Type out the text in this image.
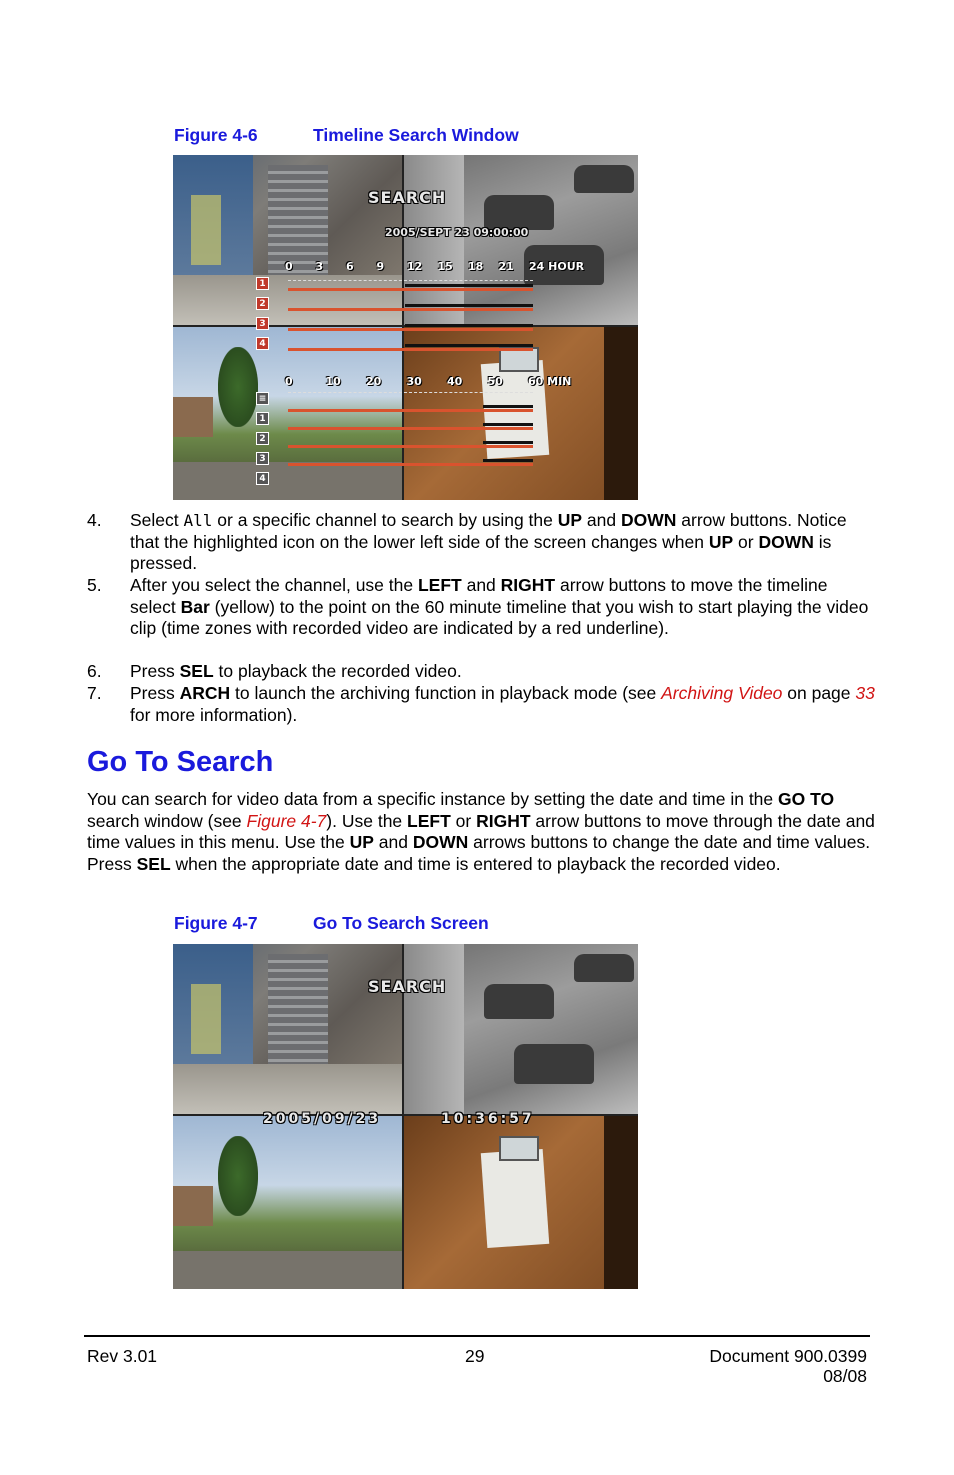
Figure 4-6	Timeline Search Window
SEARCH
2005/SEPT 23 09:00:00
0 3 6 9 12 15 18 21 24 HOUR
0	10 20 30 40 50 60 MIN
1
2
3
4
≡
1
2
3
4
4.	Select All or a specific channel to search by using the UP and DOWN arrow buttons. Notice that the highlighted icon on the lower left side of the screen changes when UP or DOWN is pressed.
5.	After you select the channel, use the LEFT and RIGHT arrow buttons to move the timeline select Bar (yellow) to the point on the 60 minute timeline that you wish to start playing the video clip (time zones with recorded video are indicated by a red underline).
6.	Press SEL to playback the recorded video.
7.	Press ARCH to launch the archiving function in playback mode (see Archiving Video on page 33 for more information).
Go To Search
You can search for video data from a specific instance by setting the date and time in the GO TO search window (see Figure 4-7). Use the LEFT or RIGHT arrow buttons to move through the date and time values in this menu. Use the UP and DOWN arrows buttons to change the date and time values. Press SEL when the appropriate date and time is entered to playback the recorded video.
Figure 4-7	Go To Search Screen
SEARCH
2005/09/23	10:36:57
Rev 3.01	29	Document 900.0399
08/08
